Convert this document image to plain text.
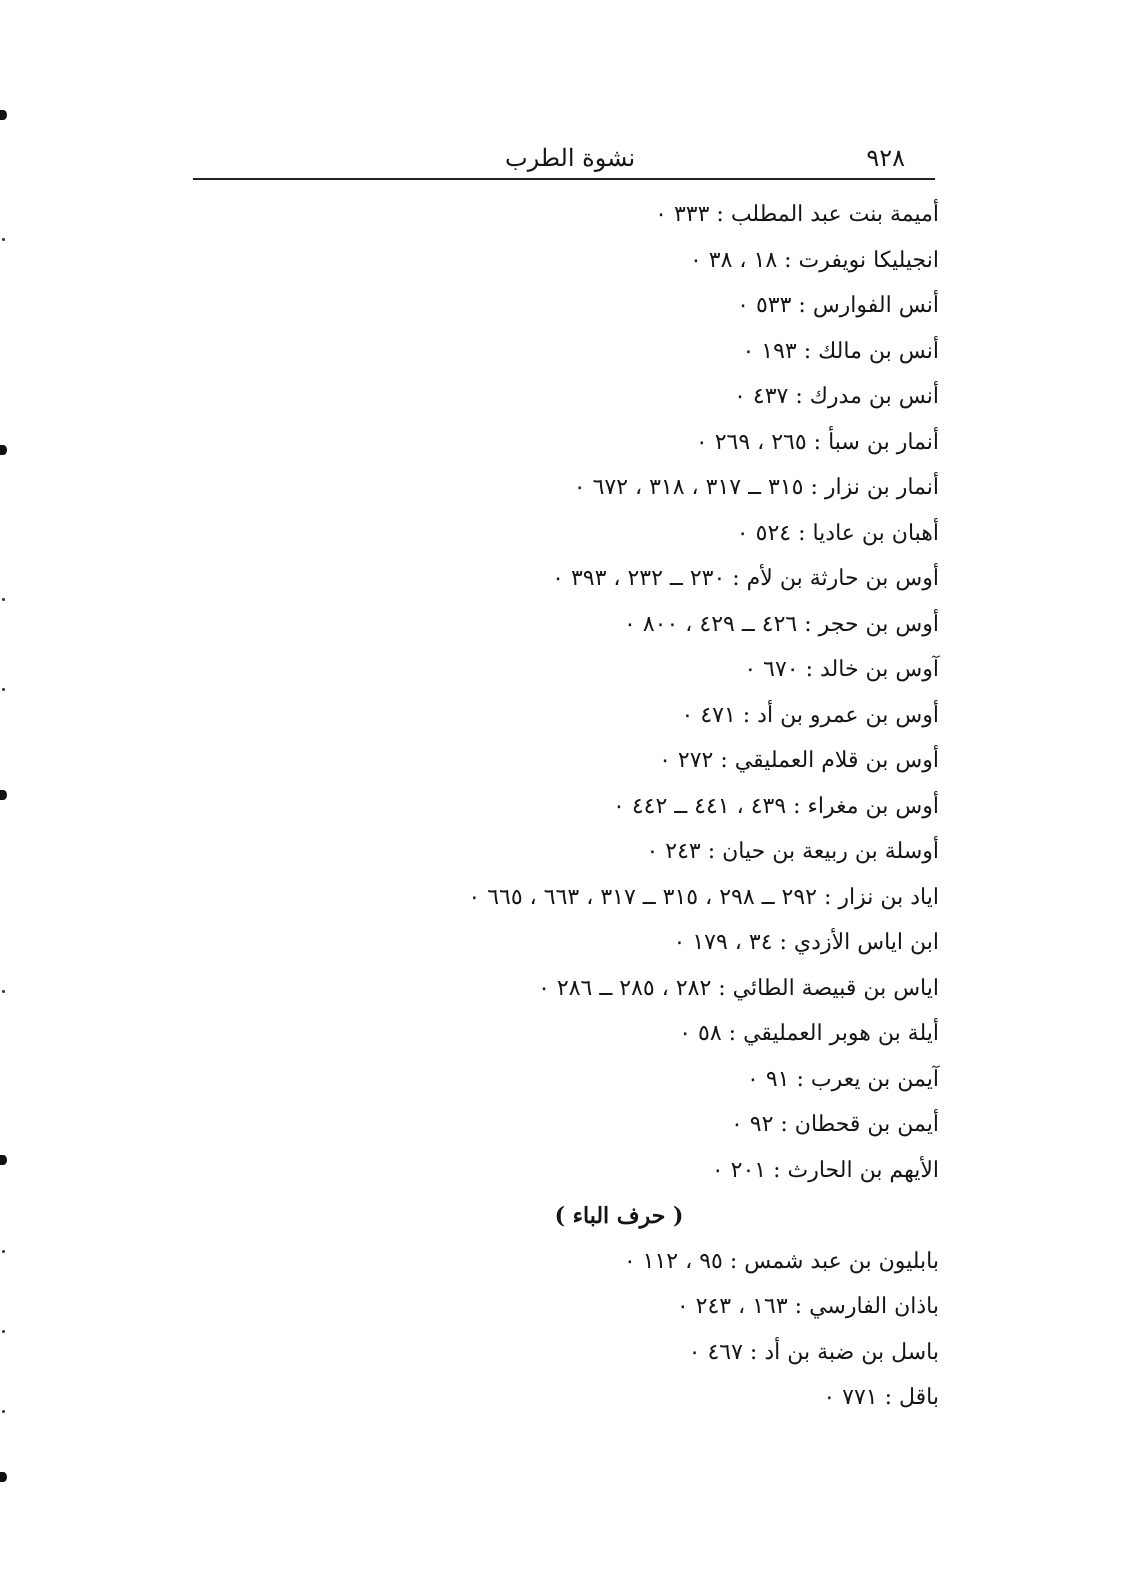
٩٢٨
نشوة الطرب
أميمة بنت عبد المطلب : ٣٣٣ ٠
انجيليكا نويفرت : ١٨ ، ٣٨ ٠
أنس الفوارس : ٥٣٣ ٠
أنس بن مالك : ١٩٣ ٠
أنس بن مدرك : ٤٣٧ ٠
أنمار بن سبأ : ٢٦٥ ، ٢٦٩ ٠
أنمار بن نزار : ٣١٥ ــ ٣١٧ ، ٣١٨ ، ٦٧٢ ٠
أهبان بن عاديا : ٥٢٤ ٠
أوس بن حارثة بن لأم : ٢٣٠ ــ ٢٣٢ ، ٣٩٣ ٠
أوس بن حجر : ٤٢٦ ــ ٤٢٩ ، ٨٠٠ ٠
آوس بن خالد : ٦٧٠ ٠
أوس بن عمرو بن أد : ٤٧١ ٠
أوس بن قلام العمليقي : ٢٧٢ ٠
أوس بن مغراء : ٤٣٩ ، ٤٤١ ــ ٤٤٢ ٠
أوسلة بن ربيعة بن حيان : ٢٤٣ ٠
اياد بن نزار : ٢٩٢ ــ ٢٩٨ ، ٣١٥ ــ ٣١٧ ، ٦٦٣ ، ٦٦٥ ٠
ابن اياس الأزدي : ٣٤ ، ١٧٩ ٠
اياس بن قبيصة الطائي : ٢٨٢ ، ٢٨٥ ــ ٢٨٦ ٠
أيلة بن هوبر العمليقي : ٥٨ ٠
آيمن بن يعرب : ٩١ ٠
أيمن بن قحطان : ٩٢ ٠
الأيهم بن الحارث : ٢٠١ ٠
( حرف الباء )
بابليون بن عبد شمس : ٩٥ ، ١١٢ ٠
باذان الفارسي : ١٦٣ ، ٢٤٣ ٠
باسل بن ضبة بن أد : ٤٦٧ ٠
باقل : ٧٧١ ٠
